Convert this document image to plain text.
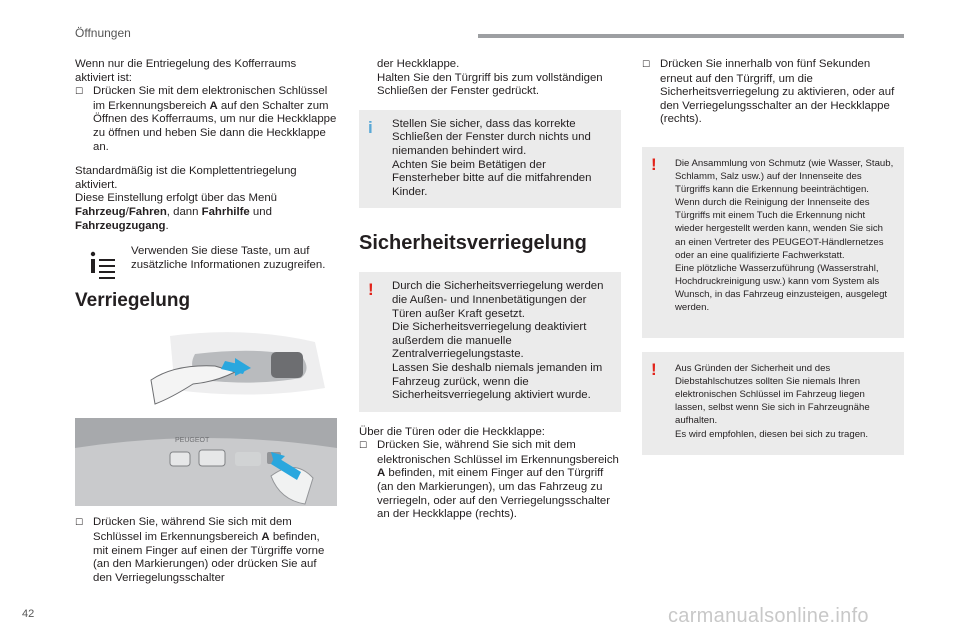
Öffnungen

Wenn nur die Entriegelung des Kofferraums aktiviert ist:

☐ Drücken Sie mit dem elektronischen Schlüssel im Erkennungsbereich A auf den Schalter zum Öffnen des Kofferraums, um nur die Heckklappe zu öffnen und heben Sie dann die Heckklappe an.

Standardmäßig ist die Komplettentriegelung aktiviert.

Diese Einstellung erfolgt über das Menü Fahrzeug/Fahren, dann Fahrhilfe und Fahrzeugzugang.

Verwenden Sie diese Taste, um auf zusätzliche Informationen zuzugreifen.

Verriegelung
PEUGEOT

☐ Drücken Sie, während Sie sich mit dem Schlüssel im Erkennungsbereich A befinden, mit einem Finger auf einen der Türgriffe vorne (an den Markierungen) oder drücken Sie auf den Verriegelungsschalter

der Heckklappe.

Halten Sie den Türgriff bis zum vollständigen Schließen der Fenster gedrückt.

i Stellen Sie sicher, dass das korrekte Schließen der Fenster durch nichts und niemanden behindert wird.

Achten Sie beim Betätigen der Fensterheber bitte auf die mitfahrenden Kinder.

Sicherheitsverriegelung
! Durch die Sicherheitsverriegelung werden die Außen- und Innenbetätigungen der Türen außer Kraft gesetzt.

Die Sicherheitsverriegelung deaktiviert außerdem die manuelle Zentralverriegelungstaste.

Lassen Sie deshalb niemals jemanden im Fahrzeug zurück, wenn die Sicherheitsverriegelung aktiviert wurde.

Über die Türen oder die Heckklappe:

☐ Drücken Sie, während Sie sich mit dem elektronischen Schlüssel im Erkennungsbereich A befinden, mit einem Finger auf den Türgriff (an den Markierungen), um das Fahrzeug zu verriegeln, oder auf den Verriegelungsschalter an der Heckklappe (rechts).

☐ Drücken Sie innerhalb von fünf Sekunden erneut auf den Türgriff, um die Sicherheitsverriegelung zu aktivieren, oder auf den Verriegelungsschalter an der Heckklappe (rechts).

! Die Ansammlung von Schmutz (wie Wasser, Staub, Schlamm, Salz usw.) auf der Innenseite des Türgriffs kann die Erkennung beeinträchtigen.

Wenn durch die Reinigung der Innenseite des Türgriffs mit einem Tuch die Erkennung nicht wieder hergestellt werden kann, wenden Sie sich an einen Vertreter des PEUGEOT-Händlernetzes oder an eine qualifizierte Fachwerkstatt.

Eine plötzliche Wasserzuführung (Wasserstrahl, Hochdruckreinigung usw.) kann vom System als Wunsch, in das Fahrzeug einzusteigen, ausgelegt werden.

! Aus Gründen der Sicherheit und des Diebstahlschutzes sollten Sie niemals Ihren elektronischen Schlüssel im Fahrzeug liegen lassen, selbst wenn Sie sich in Fahrzeugnähe aufhalten.

Es wird empfohlen, diesen bei sich zu tragen.

42	carmanualsonline.info
